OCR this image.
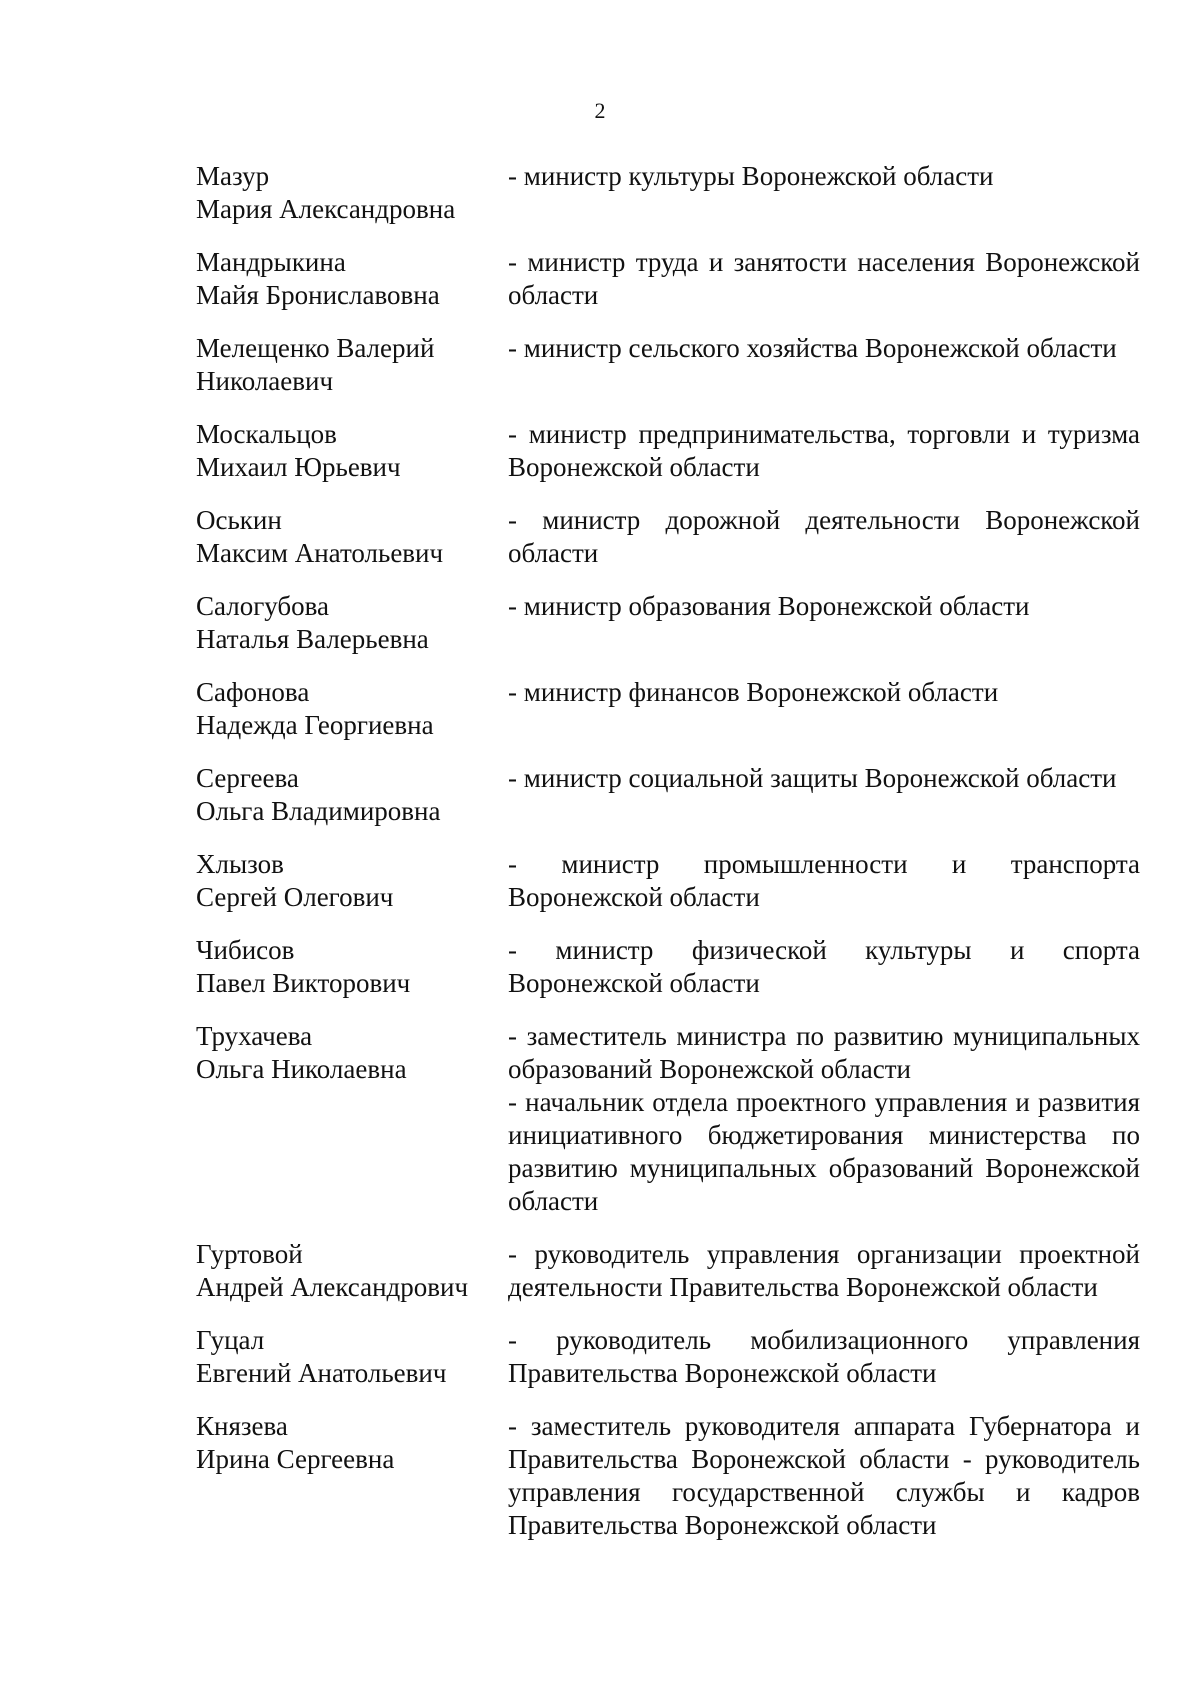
2
Мазур
Мария Александровна
- министр культуры Воронежской области
Мандрыкина
Майя Брониславовна
- министр труда и занятости населения Воронежской области
Мелещенко Валерий
Николаевич
- министр сельского хозяйства Воронежской области
Москальцов
Михаил Юрьевич
- министр предпринимательства, торговли и туризма Воронежской области
Оськин
Максим Анатольевич
- министр дорожной деятельности Воронежской области
Салогубова
Наталья Валерьевна
- министр образования Воронежской области
Сафонова
Надежда Георгиевна
- министр финансов Воронежской области
Сергеева
Ольга Владимировна
- министр социальной защиты Воронежской области
Хлызов
Сергей Олегович
- министр промышленности и транспорта Воронежской области
Чибисов
Павел Викторович
- министр физической культуры и спорта Воронежской области
Трухачева
Ольга Николаевна
- заместитель министра по развитию муниципальных образований Воронежской области
- начальник отдела проектного управления и развития инициативного бюджетирования министерства по развитию муниципальных образований Воронежской области
Гуртовой
Андрей Александрович
- руководитель управления организации проектной деятельности Правительства Воронежской области
Гуцал
Евгений Анатольевич
- руководитель мобилизационного управления Правительства Воронежской области
Князева
Ирина Сергеевна
- заместитель руководителя аппарата Губернатора и Правительства Воронежской области - руководитель управления государственной службы и кадров Правительства Воронежской области
